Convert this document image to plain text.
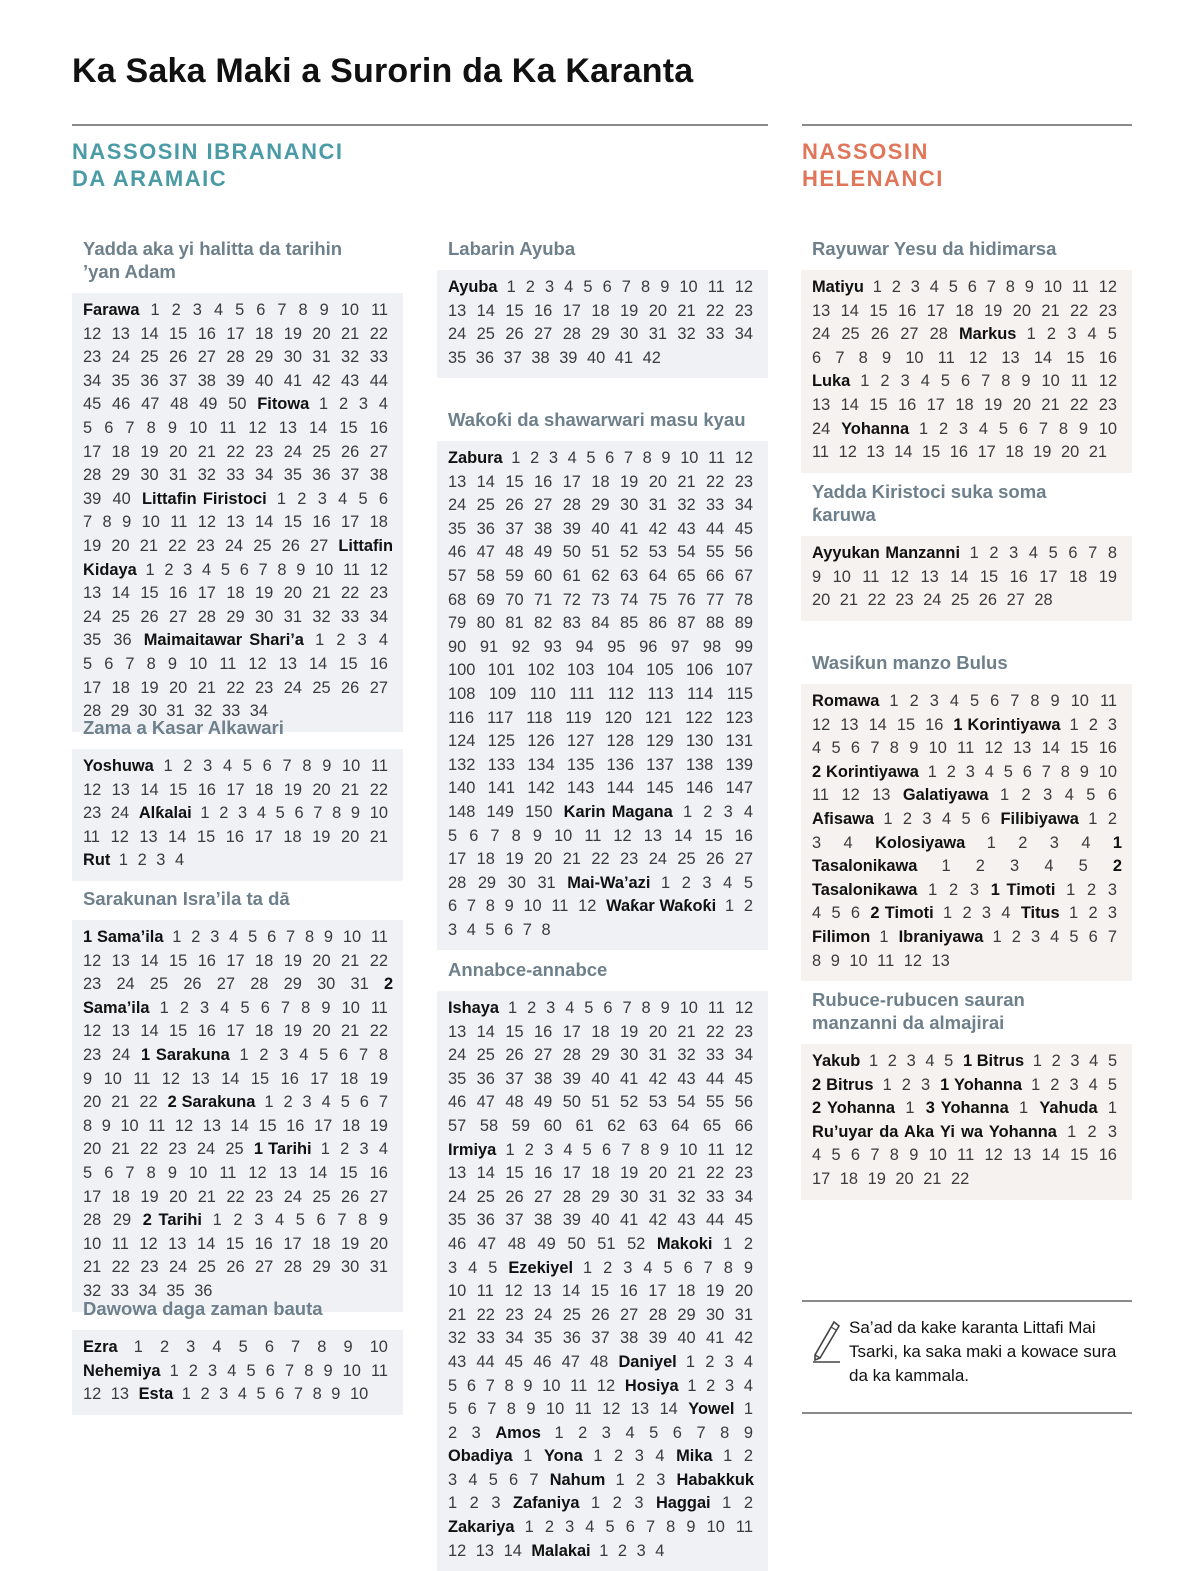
Ka Saka Maki a Surorin da Ka Karanta
NASSOSIN IBRANANCI DA ARAMAIC
NASSOSIN HELENANCI
Yadda aka yi halitta da tarihin ’yan Adam
Farawa 1 2 3 4 5 6 7 8 9 10 11 12 13 14 15 16 17 18 19 20 21 22 23 24 25 26 27 28 29 30 31 32 33 34 35 36 37 38 39 40 41 42 43 44 45 46 47 48 49 50 Fitowa 1 2 3 4 5 6 7 8 9 10 11 12 13 14 15 16 17 18 19 20 21 22 23 24 25 26 27 28 29 30 31 32 33 34 35 36 37 38 39 40 Littafin Firistoci 1 2 3 4 5 6 7 8 9 10 11 12 13 14 15 16 17 18 19 20 21 22 23 24 25 26 27 Littafin Kidaya 1 2 3 4 5 6 7 8 9 10 11 12 13 14 15 16 17 18 19 20 21 22 23 24 25 26 27 28 29 30 31 32 33 34 35 36 Maimaitawar Shari’a 1 2 3 4 5 6 7 8 9 10 11 12 13 14 15 16 17 18 19 20 21 22 23 24 25 26 27 28 29 30 31 32 33 34
Zama a Kasar Alkawari
Yoshuwa 1 2 3 4 5 6 7 8 9 10 11 12 13 14 15 16 17 18 19 20 21 22 23 24 Alƙalai 1 2 3 4 5 6 7 8 9 10 11 12 13 14 15 16 17 18 19 20 21 Rut 1 2 3 4
Sarakunan Isra’ila ta dā
1 Sama’ila 1 2 3 4 5 6 7 8 9 10 11 12 13 14 15 16 17 18 19 20 21 22 23 24 25 26 27 28 29 30 31 2 Sama’ila 1 2 3 4 5 6 7 8 9 10 11 12 13 14 15 16 17 18 19 20 21 22 23 24 1 Sarakuna 1 2 3 4 5 6 7 8 9 10 11 12 13 14 15 16 17 18 19 20 21 22 2 Sarakuna 1 2 3 4 5 6 7 8 9 10 11 12 13 14 15 16 17 18 19 20 21 22 23 24 25 1 Tarihi 1 2 3 4 5 6 7 8 9 10 11 12 13 14 15 16 17 18 19 20 21 22 23 24 25 26 27 28 29 2 Tarihi 1 2 3 4 5 6 7 8 9 10 11 12 13 14 15 16 17 18 19 20 21 22 23 24 25 26 27 28 29 30 31 32 33 34 35 36
Dawowa daga zaman bauta
Ezra 1 2 3 4 5 6 7 8 9 10 Nehemiya 1 2 3 4 5 6 7 8 9 10 11 12 13 Esta 1 2 3 4 5 6 7 8 9 10
Labarin Ayuba
Ayuba 1 2 3 4 5 6 7 8 9 10 11 12 13 14 15 16 17 18 19 20 21 22 23 24 25 26 27 28 29 30 31 32 33 34 35 36 37 38 39 40 41 42
Waƙoƙi da shawarwari masu kyau
Zabura 1 2 3 4 5 6 7 8 9 10 11 12 13 14 15 16 17 18 19 20 21 22 23 24 25 26 27 28 29 30 31 32 33 34 35 36 37 38 39 40 41 42 43 44 45 46 47 48 49 50 51 52 53 54 55 56 57 58 59 60 61 62 63 64 65 66 67 68 69 70 71 72 73 74 75 76 77 78 79 80 81 82 83 84 85 86 87 88 89 90 91 92 93 94 95 96 97 98 99 100 101 102 103 104 105 106 107 108 109 110 111 112 113 114 115 116 117 118 119 120 121 122 123 124 125 126 127 128 129 130 131 132 133 134 135 136 137 138 139 140 141 142 143 144 145 146 147 148 149 150 Karin Magana 1 2 3 4 5 6 7 8 9 10 11 12 13 14 15 16 17 18 19 20 21 22 23 24 25 26 27 28 29 30 31 Mai-Wa’azi 1 2 3 4 5 6 7 8 9 10 11 12 Waƙar Waƙoƙi 1 2 3 4 5 6 7 8
Annabce-annabce
Ishaya 1 2 3 4 5 6 7 8 9 10 11 12 13 14 15 16 17 18 19 20 21 22 23 24 25 26 27 28 29 30 31 32 33 34 35 36 37 38 39 40 41 42 43 44 45 46 47 48 49 50 51 52 53 54 55 56 57 58 59 60 61 62 63 64 65 66 Irmiya 1 2 3 4 5 6 7 8 9 10 11 12 13 14 15 16 17 18 19 20 21 22 23 24 25 26 27 28 29 30 31 32 33 34 35 36 37 38 39 40 41 42 43 44 45 46 47 48 49 50 51 52 Makoki 1 2 3 4 5 Ezekiyel 1 2 3 4 5 6 7 8 9 10 11 12 13 14 15 16 17 18 19 20 21 22 23 24 25 26 27 28 29 30 31 32 33 34 35 36 37 38 39 40 41 42 43 44 45 46 47 48 Daniyel 1 2 3 4 5 6 7 8 9 10 11 12 Hosiya 1 2 3 4 5 6 7 8 9 10 11 12 13 14 Yowel 1 2 3 Amos 1 2 3 4 5 6 7 8 9 Obadiya 1 Yona 1 2 3 4 Mika 1 2 3 4 5 6 7 Nahum 1 2 3 Habakkuk 1 2 3 Zafaniya 1 2 3 Haggai 1 2 Zakariya 1 2 3 4 5 6 7 8 9 10 11 12 13 14 Malakai 1 2 3 4
Rayuwar Yesu da hidimarsa
Matiyu 1 2 3 4 5 6 7 8 9 10 11 12 13 14 15 16 17 18 19 20 21 22 23 24 25 26 27 28 Markus 1 2 3 4 5 6 7 8 9 10 11 12 13 14 15 16 Luka 1 2 3 4 5 6 7 8 9 10 11 12 13 14 15 16 17 18 19 20 21 22 23 24 Yohanna 1 2 3 4 5 6 7 8 9 10 11 12 13 14 15 16 17 18 19 20 21
Yadda Kiristoci suka soma ƙaruwa
Ayyukan Manzanni 1 2 3 4 5 6 7 8 9 10 11 12 13 14 15 16 17 18 19 20 21 22 23 24 25 26 27 28
Wasiƙun manzo Bulus
Romawa 1 2 3 4 5 6 7 8 9 10 11 12 13 14 15 16 1 Korintiyawa 1 2 3 4 5 6 7 8 9 10 11 12 13 14 15 16 2 Korintiyawa 1 2 3 4 5 6 7 8 9 10 11 12 13 Galatiyawa 1 2 3 4 5 6 Afisawa 1 2 3 4 5 6 Filibiyawa 1 2 3 4 Kolosiyawa 1 2 3 4 1 Tasalonikawa 1 2 3 4 5 2 Tasalonikawa 1 2 3 1 Timoti 1 2 3 4 5 6 2 Timoti 1 2 3 4 Titus 1 2 3 Filimon 1 Ibraniyawa 1 2 3 4 5 6 7 8 9 10 11 12 13
Rubuce-rubucen sauran manzanni da almajirai
Yakub 1 2 3 4 5 1 Bitrus 1 2 3 4 5 2 Bitrus 1 2 3 1 Yohanna 1 2 3 4 5 2 Yohanna 1 3 Yohanna 1 Yahuda 1 Ru’uyar da Aka Yi wa Yohanna 1 2 3 4 5 6 7 8 9 10 11 12 13 14 15 16 17 18 19 20 21 22

Sa’ad da kake karanta Littafi Mai Tsarki, ka saka maki a kowace sura da ka kammala.
